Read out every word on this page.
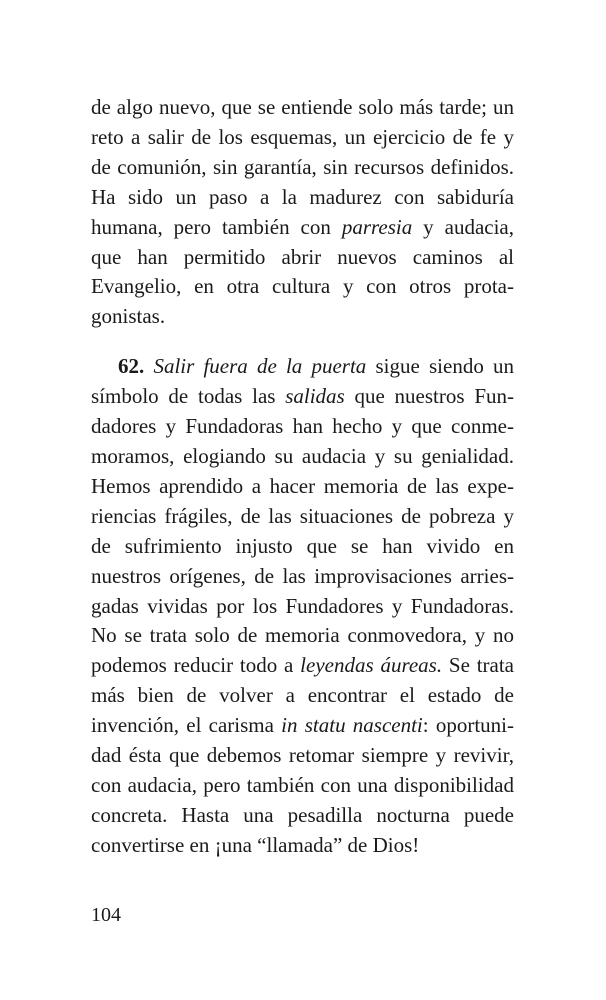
de algo nuevo, que se entiende solo más tarde; un reto a salir de los esquemas, un ejercicio de fe y de comunión, sin garantía, sin recursos definidos. Ha sido un paso a la madurez con sabiduría humana, pero también con parresia y audacia, que han permitido abrir nuevos caminos al Evangelio, en otra cultura y con otros protagonistas.

62. Salir fuera de la puerta sigue siendo un símbolo de todas las salidas que nuestros Fundadores y Fundadoras han hecho y que conmemoramos, elogiando su audacia y su genialidad. Hemos aprendido a hacer memoria de las experiencias frágiles, de las situaciones de pobreza y de sufrimiento injusto que se han vivido en nuestros orígenes, de las improvisaciones arriesgadas vividas por los Fundadores y Fundadoras. No se trata solo de memoria conmovedora, y no podemos reducir todo a leyendas áureas. Se trata más bien de volver a encontrar el estado de invención, el carisma in statu nascenti: oportunidad ésta que debemos retomar siempre y revivir, con audacia, pero también con una disponibilidad concreta. Hasta una pesadilla nocturna puede convertirse en ¡una “llamada” de Dios!

104
